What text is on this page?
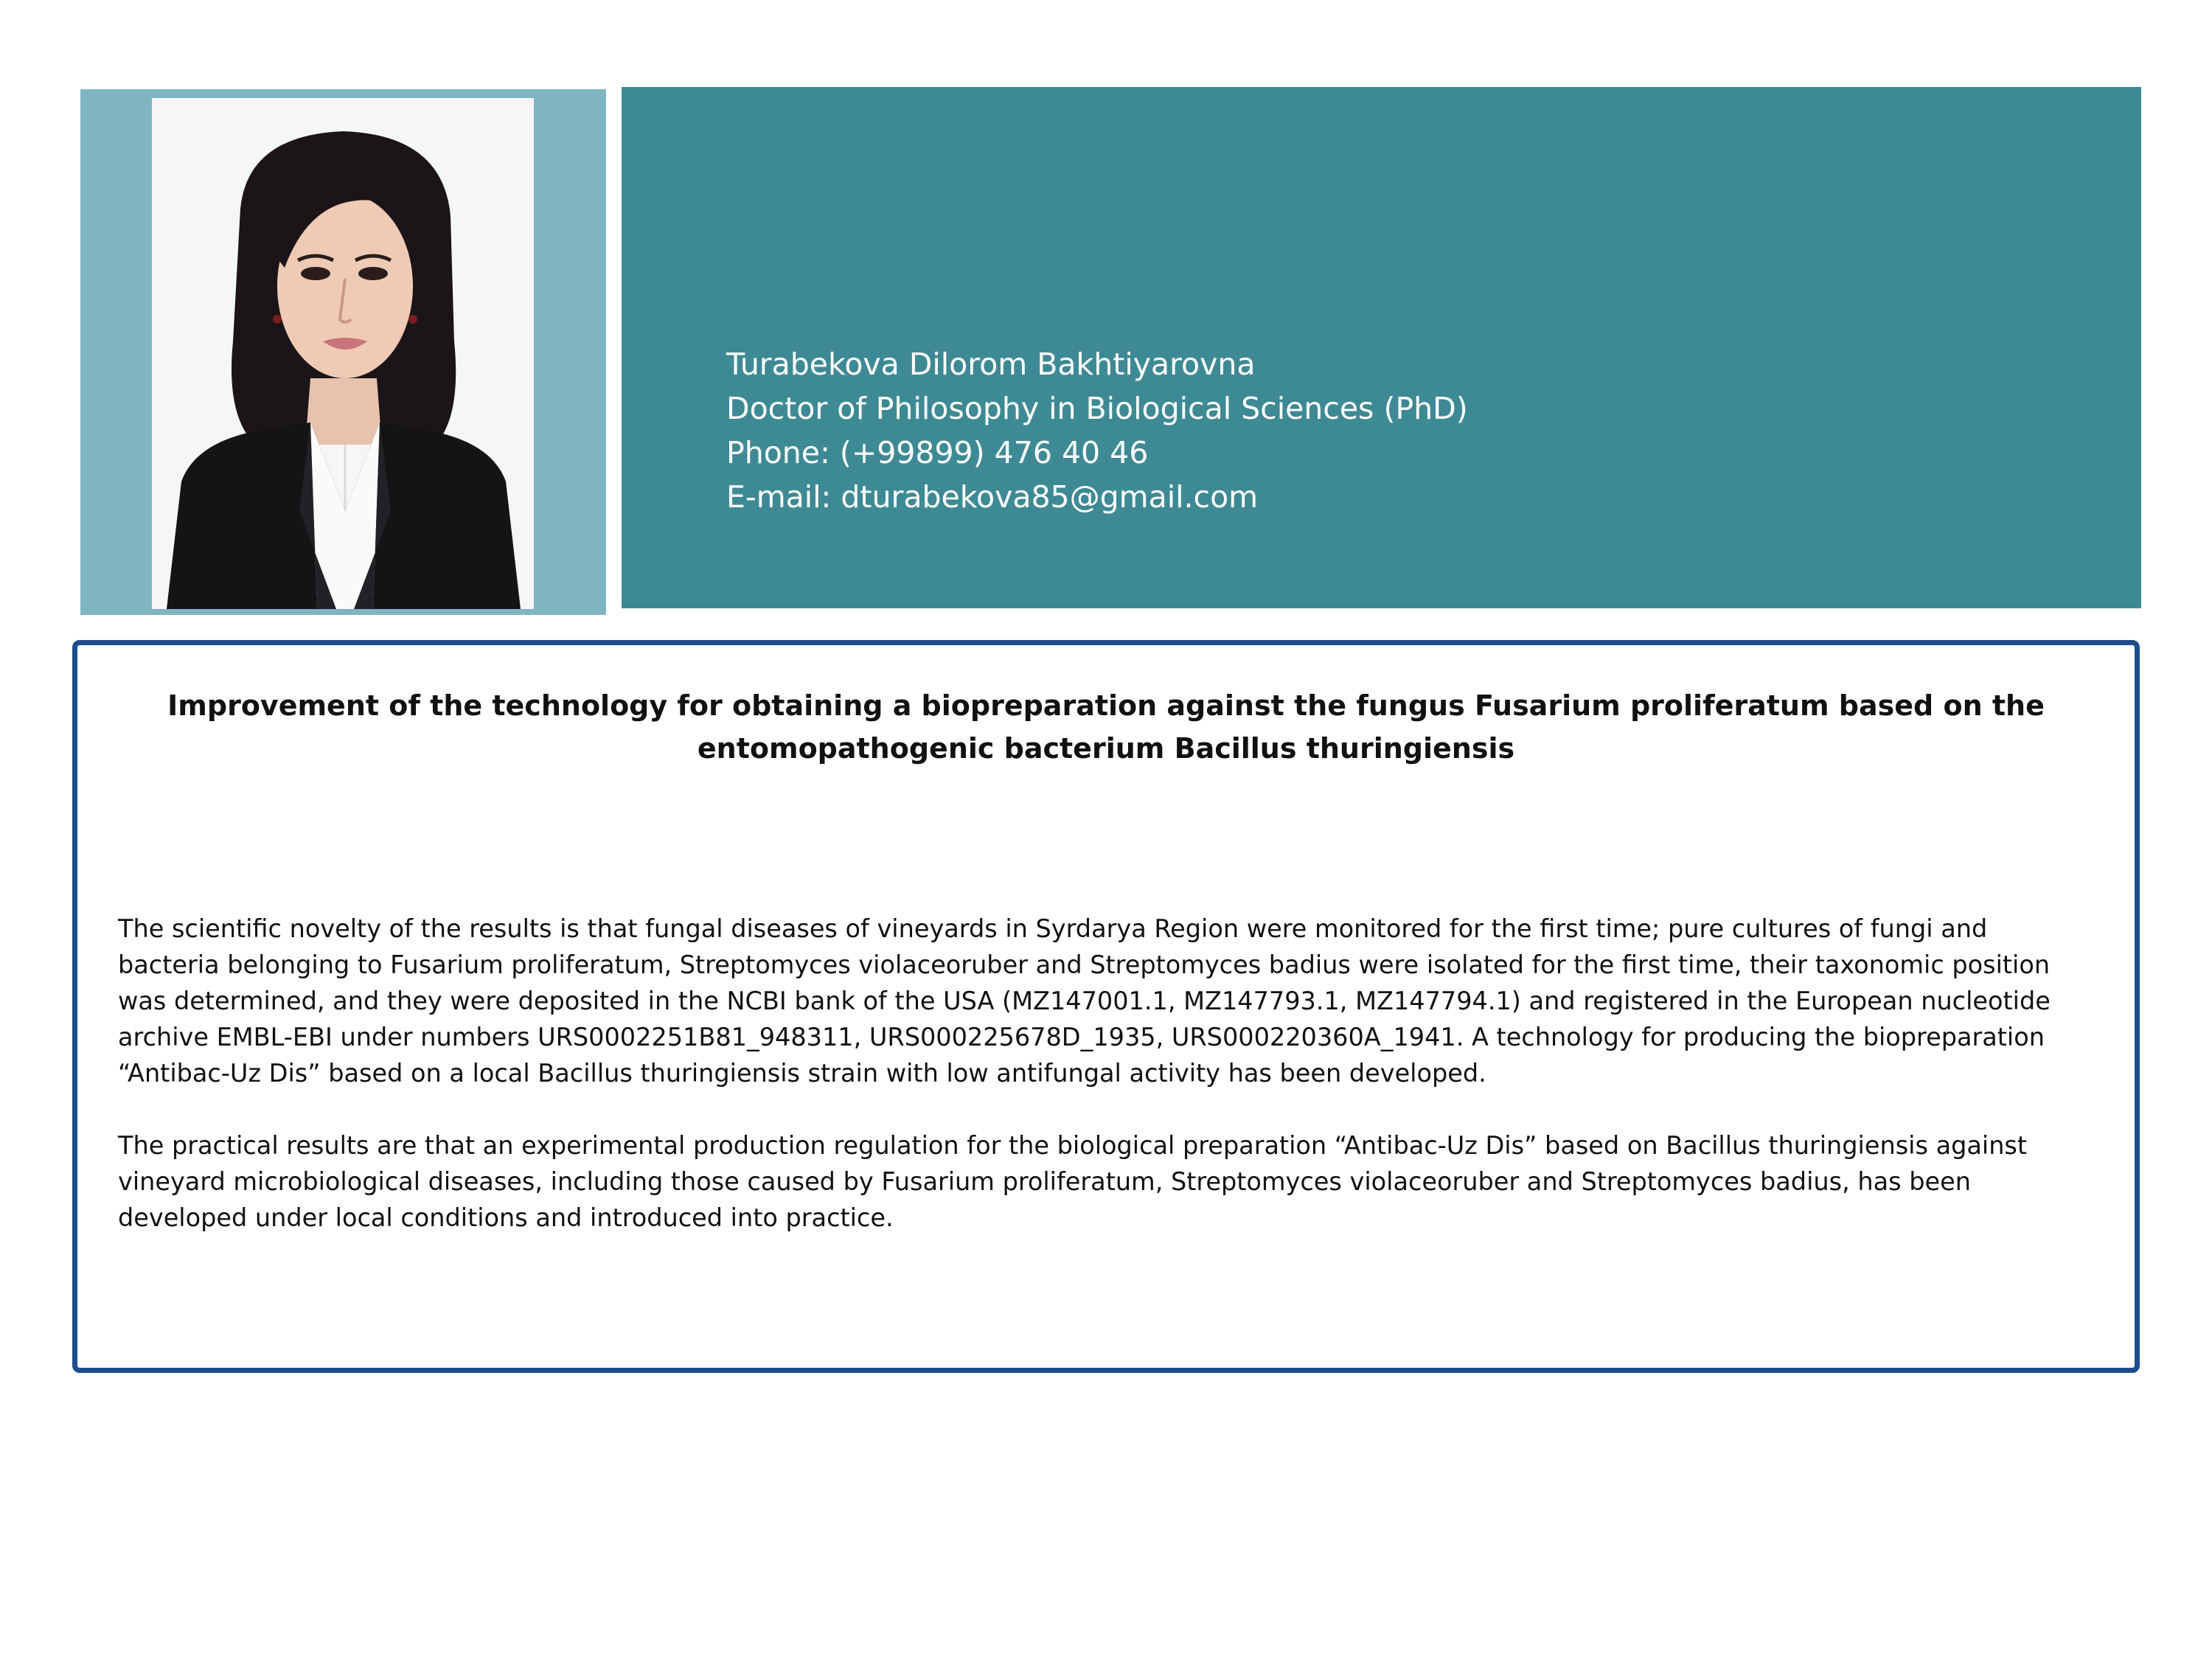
Turabekova Dilorom Bakhtiyarovna
Doctor of Philosophy in Biological Sciences (PhD)
Phone: (+99899) 476 40 46
E-mail: dturabekova85@gmail.com
Improvement of the technology for obtaining a biopreparation against the fungus Fusarium proliferatum based on the entomopathogenic bacterium Bacillus thuringiensis

The scientific novelty of the results is that fungal diseases of vineyards in Syrdarya Region were monitored for the first time; pure cultures of fungi and bacteria belonging to Fusarium proliferatum, Streptomyces violaceoruber and Streptomyces badius were isolated for the first time, their taxonomic position was determined, and they were deposited in the NCBI bank of the USA (MZ147001.1, MZ147793.1, MZ147794.1) and registered in the European nucleotide archive EMBL-EBI under numbers URS0002251B81_948311, URS000225678D_1935, URS000220360A_1941. A technology for producing the biopreparation “Antibac-Uz Dis” based on a local Bacillus thuringiensis strain with low antifungal activity has been developed.

The practical results are that an experimental production regulation for the biological preparation “Antibac-Uz Dis” based on Bacillus thuringiensis against vineyard microbiological diseases, including those caused by Fusarium proliferatum, Streptomyces violaceoruber and Streptomyces badius, has been developed under local conditions and introduced into practice.
